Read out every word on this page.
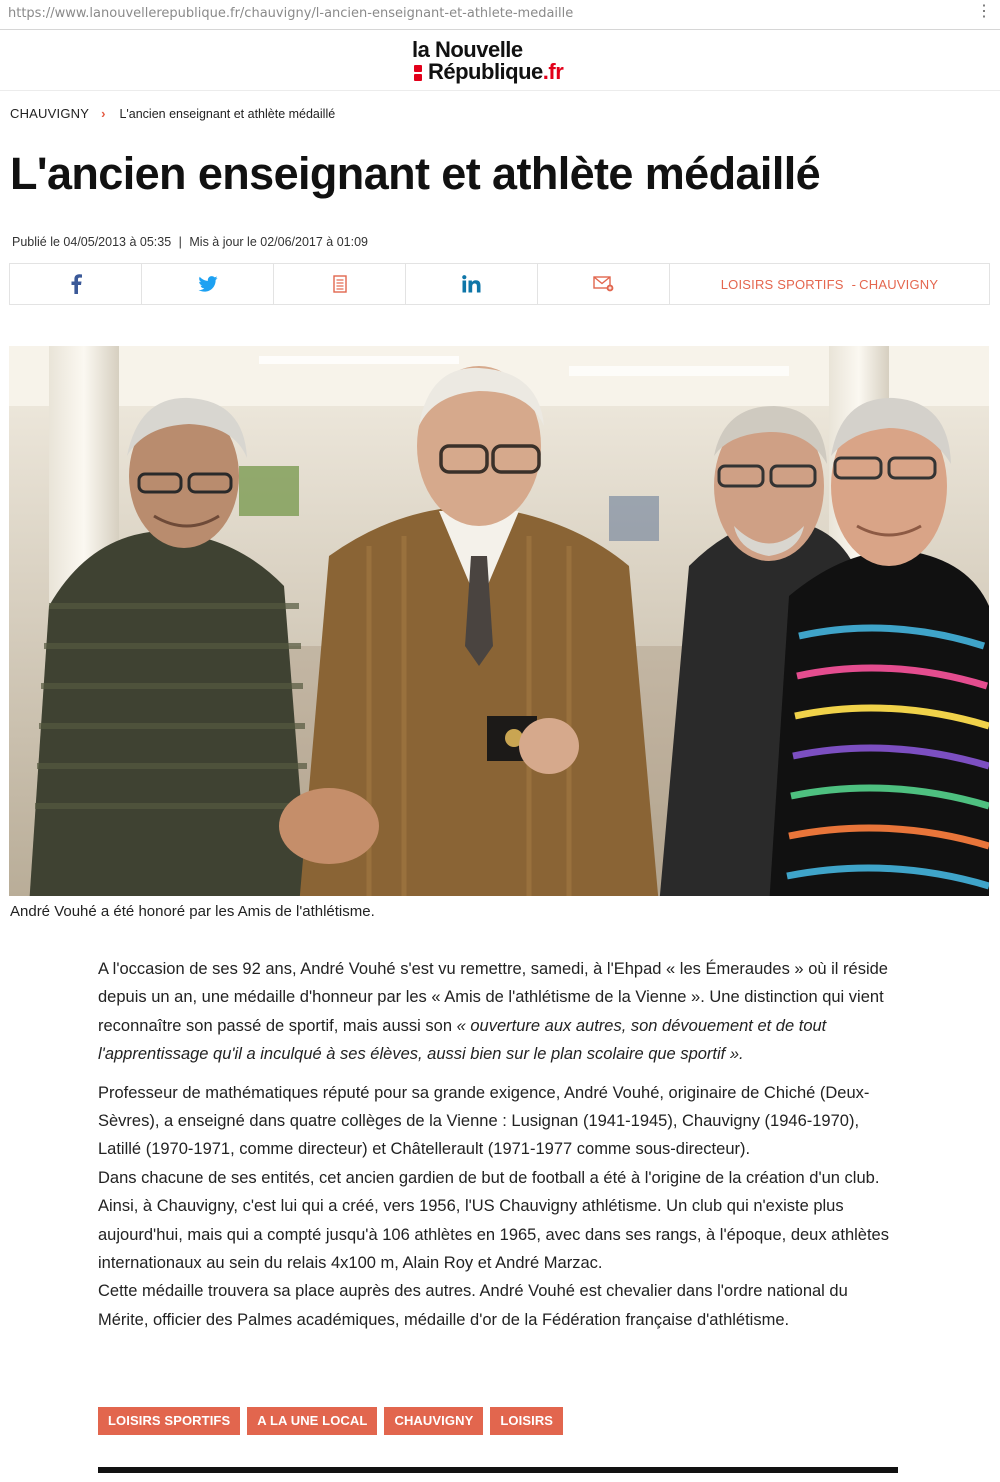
https://www.lanouvellerepublique.fr/chauvigny/l-ancien-enseignant-et-athlete-medaille	⋮
la Nouvelle
République.fr
CHAUVIGNY › L'ancien enseignant et athlète médaillé
L'ancien enseignant et athlète médaillé
Publié le 04/05/2013 à 05:35 | Mis à jour le 02/06/2017 à 01:09
LOISIRS SPORTIFS - CHAUVIGNY
André Vouhé a été honoré par les Amis de l'athlétisme.

A l'occasion de ses 92 ans, André Vouhé s'est vu remettre, samedi, à l'Ehpad « les Émeraudes » où il réside depuis un an, une médaille d'honneur par les « Amis de l'athlétisme de la Vienne ». Une distinction qui vient reconnaître son passé de sportif, mais aussi son « ouverture aux autres, son dévouement et de tout l'apprentissage qu'il a inculqué à ses élèves, aussi bien sur le plan scolaire que sportif ».

Professeur de mathématiques réputé pour sa grande exigence, André Vouhé, originaire de Chiché (Deux-Sèvres), a enseigné dans quatre collèges de la Vienne : Lusignan (1941-1945), Chauvigny (1946-1970), Latillé (1970-1971, comme directeur) et Châtellerault (1971-1977 comme sous-directeur).

Dans chacune de ses entités, cet ancien gardien de but de football a été à l'origine de la création d'un club. Ainsi, à Chauvigny, c'est lui qui a créé, vers 1956, l'US Chauvigny athlétisme. Un club qui n'existe plus aujourd'hui, mais qui a compté jusqu'à 106 athlètes en 1965, avec dans ses rangs, à l'époque, deux athlètes internationaux au sein du relais 4x100 m, Alain Roy et André Marzac.

Cette médaille trouvera sa place auprès des autres. André Vouhé est chevalier dans l'ordre national du Mérite, officier des Palmes académiques, médaille d'or de la Fédération française d'athlétisme.

LOISIRS SPORTIFS	A LA UNE LOCAL	CHAUVIGNY	LOISIRS
